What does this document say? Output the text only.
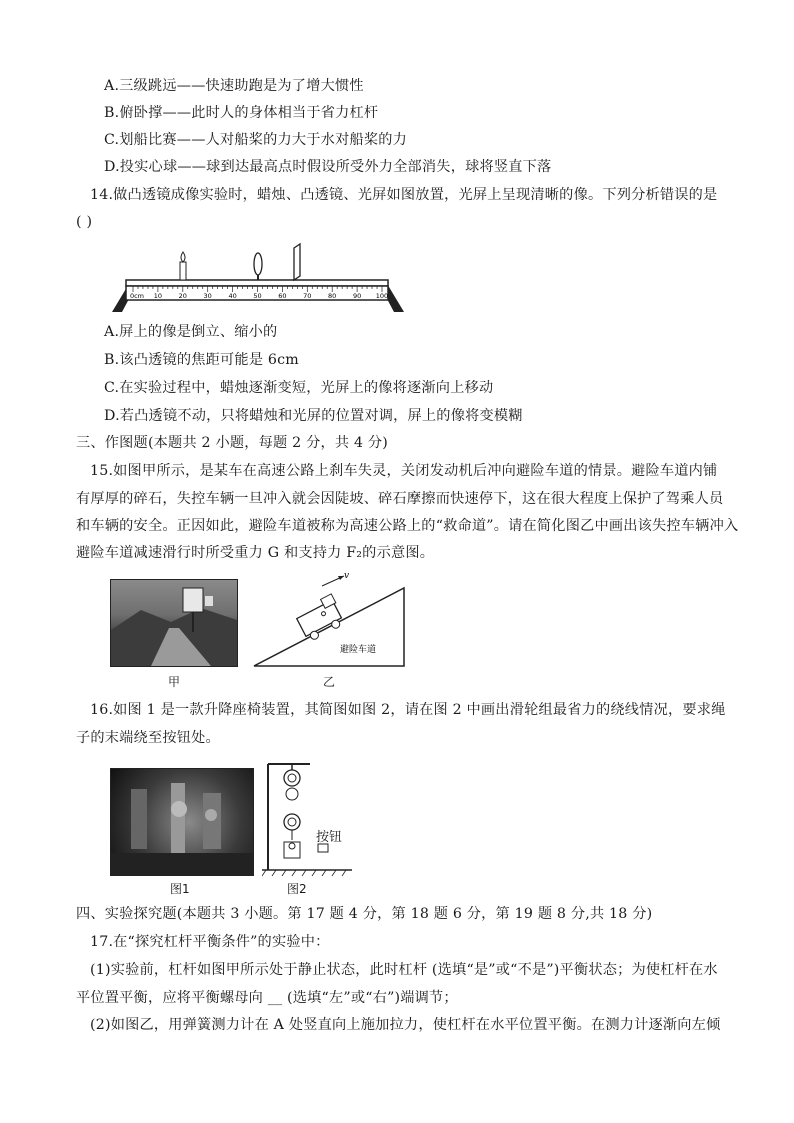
A.三级跳远——快速助跑是为了增大惯性
B.俯卧撑——此时人的身体相当于省力杠杆
C.划船比赛——人对船桨的力大于水对船桨的力
D.投实心球——球到达最高点时假设所受外力全部消失，球将竖直下落
14.做凸透镜成像实验时，蜡烛、凸透镜、光屏如图放置，光屏上呈现清晰的像。下列分析错误的是
( )
0cm 10	20	30	40	50	60	70	80	90 100
A.屏上的像是倒立、缩小的
B.该凸透镜的焦距可能是 6cm
C.在实验过程中，蜡烛逐渐变短，光屏上的像将逐渐向上移动
D.若凸透镜不动，只将蜡烛和光屏的位置对调，屏上的像将变模糊
三、作图题(本题共 2 小题，每题 2 分，共 4 分)
15.如图甲所示，是某车在高速公路上刹车失灵，关闭发动机后冲向避险车道的情景。避险车道内铺
有厚厚的碎石，失控车辆一旦冲入就会因陡坡、碎石摩擦而快速停下，这在很大程度上保护了驾乘人员
和车辆的安全。正因如此，避险车道被称为高速公路上的“救命道”。请在简化图乙中画出该失控车辆冲入
避险车道减速滑行时所受重力 G 和支持力 F₂的示意图。
甲
v
避险车道
乙
16.如图 1 是一款升降座椅装置，其简图如图 2，请在图 2 中画出滑轮组最省力的绕线情况，要求绳
子的末端绕至按钮处。
图1
按钮
图2
四、实验探究题(本题共 3 小题。第 17 题 4 分，第 18 题 6 分，第 19 题 8 分,共 18 分)
17.在“探究杠杆平衡条件”的实验中：
(1)实验前，杠杆如图甲所示处于静止状态，此时杠杆 (选填“是”或“不是”)平衡状态；为使杠杆在水
平位置平衡，应将平衡螺母向 __ (选填“左”或“右”)端调节；
(2)如图乙，用弹簧测力计在 A 处竖直向上施加拉力，使杠杆在水平位置平衡。在测力计逐渐向左倾
